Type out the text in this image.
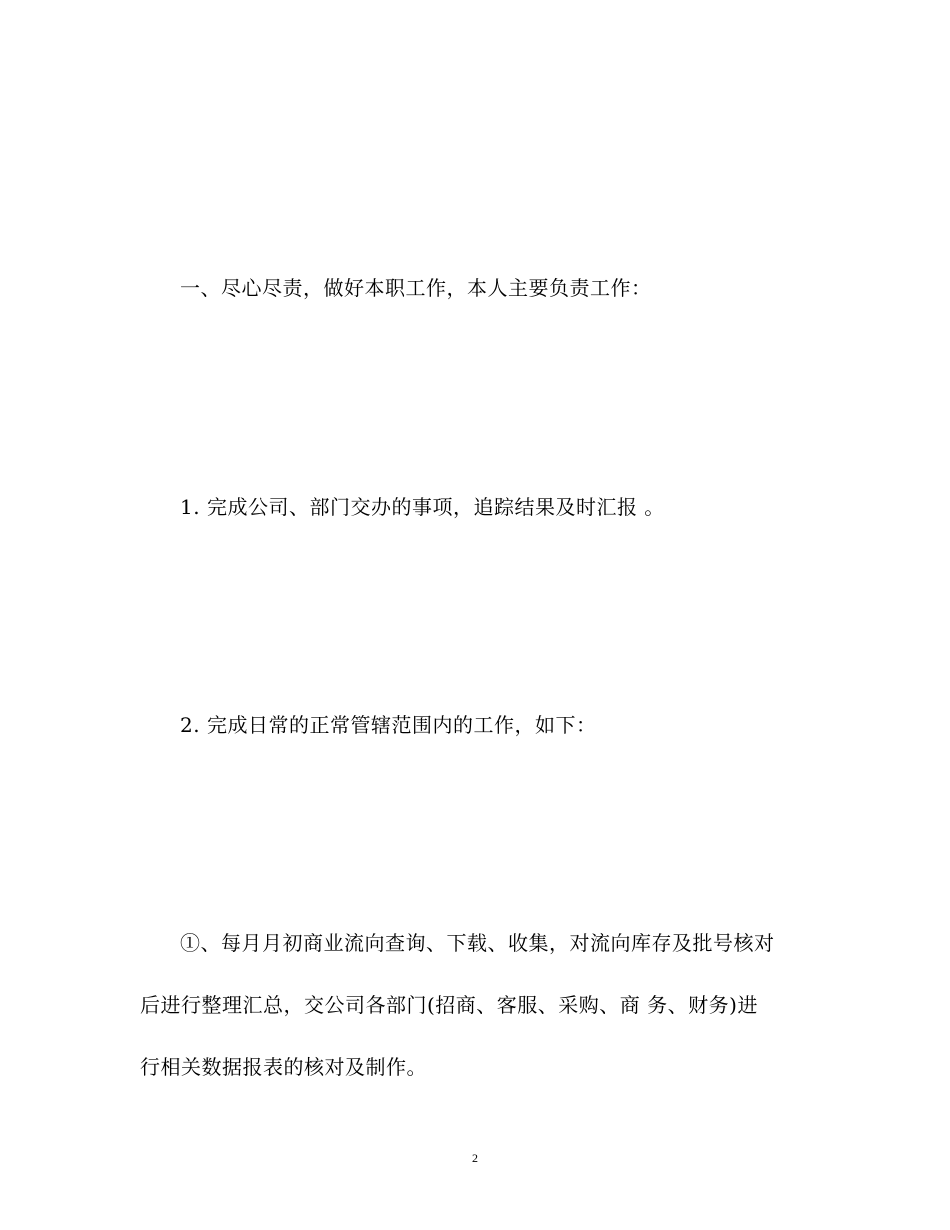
一、尽心尽责，做好本职工作，本人主要负责工作：
1. 完成公司、部门交办的事项，追踪结果及时汇报 。
2. 完成日常的正常管辖范围内的工作，如下：
①、每月月初商业流向查询、下载、收集，对流向库存及批号核对
后进行整理汇总，交公司各部门(招商、客服、采购、商 务、财务)进
行相关数据报表的核对及制作。
2
